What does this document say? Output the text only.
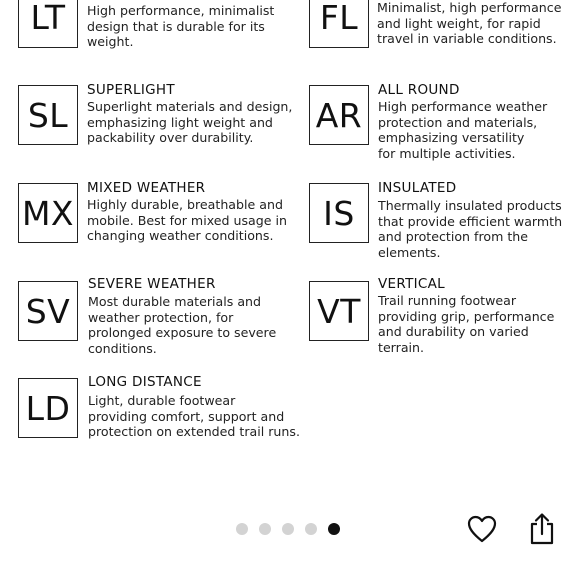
LT	High performance, minimalist
design that is durable for its
weight.
FL	Minimalist, high performance
and light weight, for rapid
travel in variable conditions.
SL
SUPERLIGHT
Superlight materials and design,
emphasizing light weight and
packability over durability.
AR
ALL ROUND
High performance weather
protection and materials,
emphasizing versatility
for multiple activities.
MX
MIXED WEATHER
Highly durable, breathable and
mobile. Best for mixed usage in
changing weather conditions.
IS
INSULATED
Thermally insulated products
that provide efficient warmth
and protection from the
elements.
SV
SEVERE WEATHER
Most durable materials and
weather protection, for
prolonged exposure to severe
conditions.
VT
VERTICAL
Trail running footwear
providing grip, performance
and durability on varied
terrain.
LD
LONG DISTANCE
Light, durable footwear
providing comfort, support and
protection on extended trail runs.
